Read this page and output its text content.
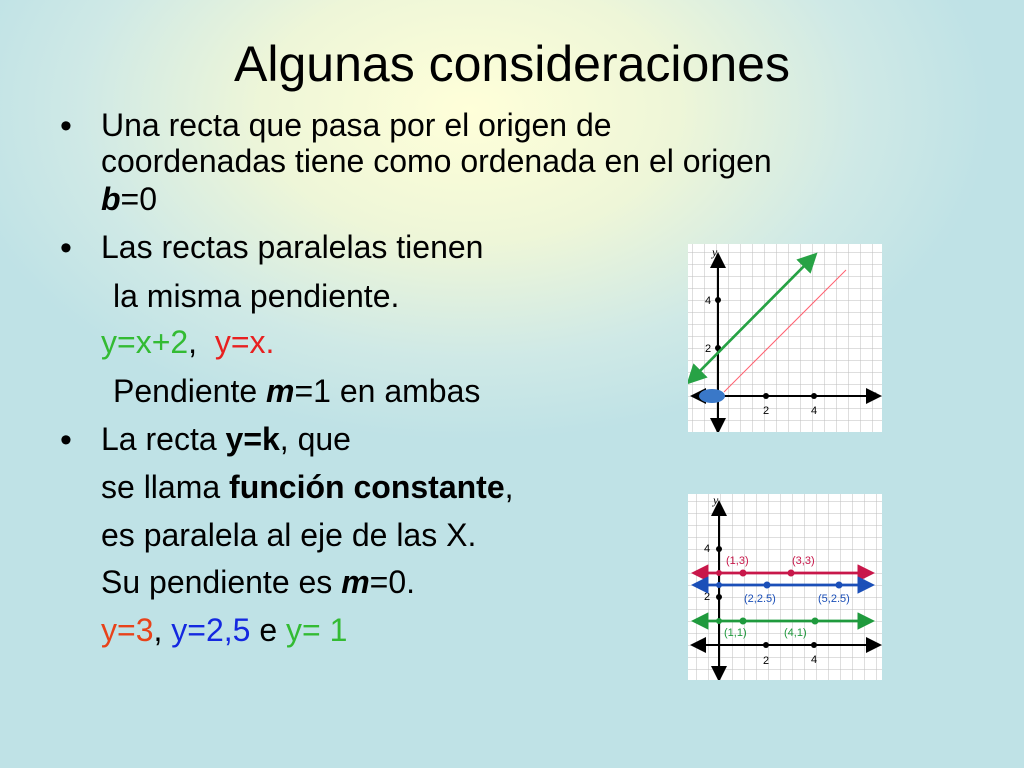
Algunas consideraciones
• Una recta que pasa por el origen de
coordenadas tiene como ordenada en el origen
b=0
• Las rectas paralelas tienen
la misma pendiente.
y=x+2, y=x.
Pendiente m=1 en ambas
• La recta y=k, que
se llama función constante,
es paralela al eje de las X.
Su pendiente es m=0.
y=3, y=2,5 e y= 1
x
y
2	4
2
4
x
y
2	4
2
4
(1,3)	(3,3)
(2,2.5)	(5,2.5)
(1,1)	(4,1)
